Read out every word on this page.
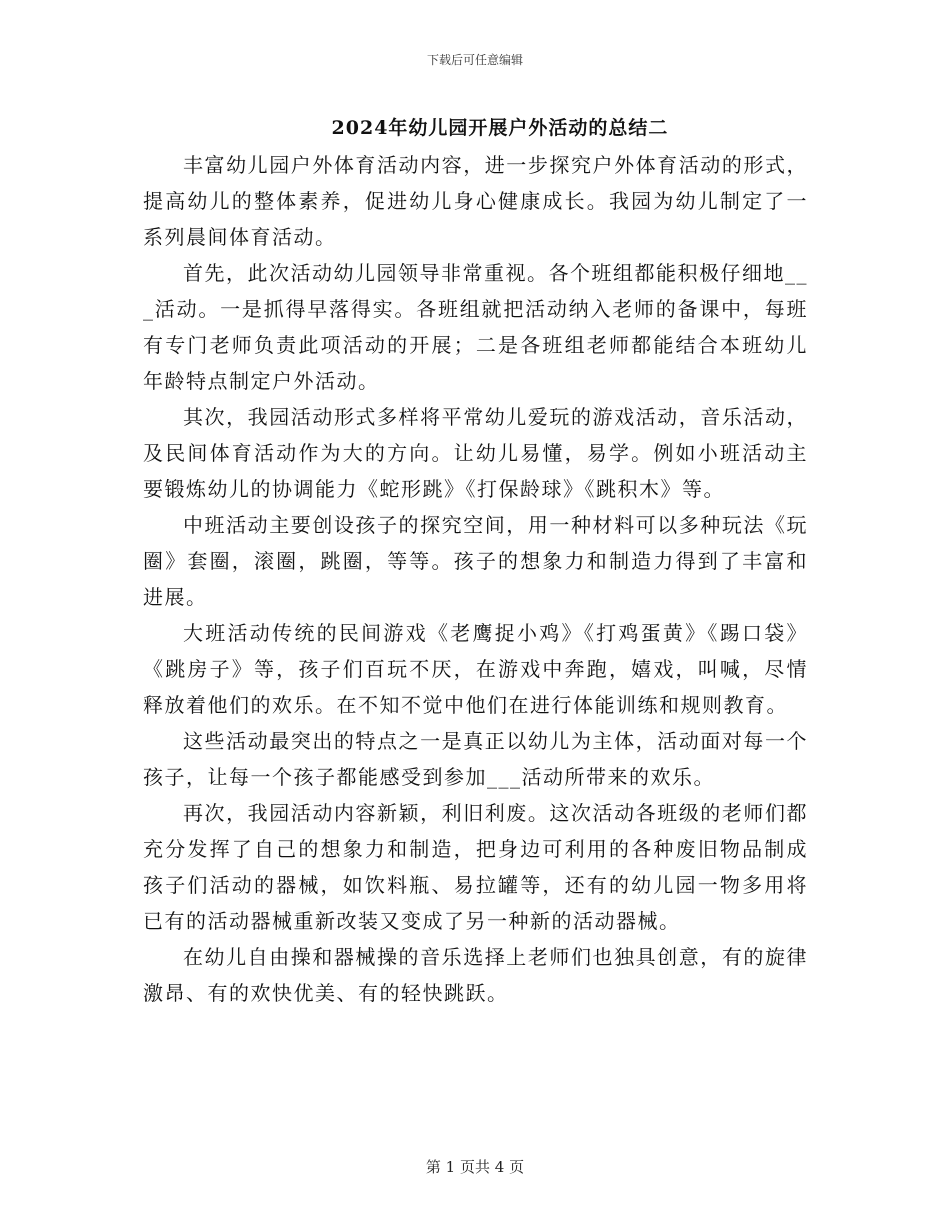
下载后可任意编辑
2024年幼儿园开展户外活动的总结二

丰富幼儿园户外体育活动内容，进一步探究户外体育活动的形式，提高幼儿的整体素养，促进幼儿身心健康成长。我园为幼儿制定了一系列晨间体育活动。

首先，此次活动幼儿园领导非常重视。各个班组都能积极仔细地___活动。一是抓得早落得实。各班组就把活动纳入老师的备课中，每班有专门老师负责此项活动的开展；二是各班组老师都能结合本班幼儿年龄特点制定户外活动。

其次，我园活动形式多样将平常幼儿爱玩的游戏活动，音乐活动，及民间体育活动作为大的方向。让幼儿易懂，易学。例如小班活动主要锻炼幼儿的协调能力《蛇形跳》《打保龄球》《跳积木》等。

中班活动主要创设孩子的探究空间，用一种材料可以多种玩法《玩圈》套圈，滚圈，跳圈，等等。孩子的想象力和制造力得到了丰富和进展。

大班活动传统的民间游戏《老鹰捉小鸡》《打鸡蛋黄》《踢口袋》《跳房子》等，孩子们百玩不厌，在游戏中奔跑，嬉戏，叫喊，尽情释放着他们的欢乐。在不知不觉中他们在进行体能训练和规则教育。

这些活动最突出的特点之一是真正以幼儿为主体，活动面对每一个孩子，让每一个孩子都能感受到参加___活动所带来的欢乐。

再次，我园活动内容新颖，利旧利废。这次活动各班级的老师们都充分发挥了自己的想象力和制造，把身边可利用的各种废旧物品制成孩子们活动的器械，如饮料瓶、易拉罐等，还有的幼儿园一物多用将已有的活动器械重新改装又变成了另一种新的活动器械。

在幼儿自由操和器械操的音乐选择上老师们也独具创意，有的旋律激昂、有的欢快优美、有的轻快跳跃。

第 1 页共 4 页
